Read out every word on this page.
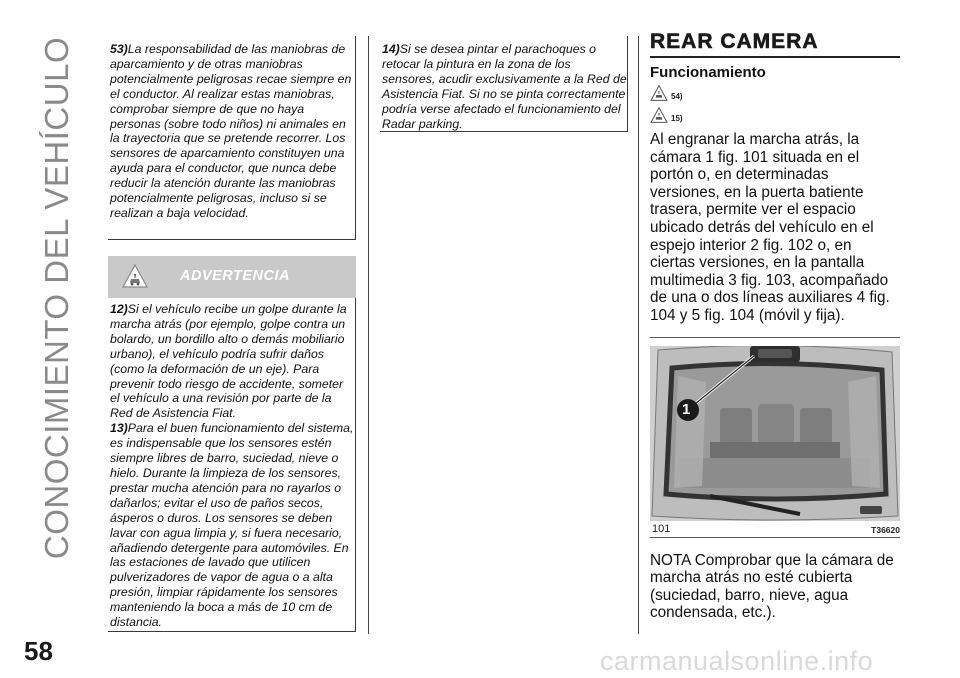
CONOCIMIENTO DEL VEHÍCULO
58

53)La responsabilidad de las maniobras de aparcamiento y de otras maniobras potencialmente peligrosas recae siempre en el conductor. Al realizar estas maniobras, comprobar siempre de que no haya personas (sobre todo niños) ni animales en la trayectoria que se pretende recorrer. Los sensores de aparcamiento constituyen una ayuda para el conductor, que nunca debe reducir la atención durante las maniobras potencialmente peligrosas, incluso si se realizan a baja velocidad.

ADVERTENCIA

12)Si el vehículo recibe un golpe durante la marcha atrás (por ejemplo, golpe contra un bolardo, un bordillo alto o demás mobiliario urbano), el vehículo podría sufrir daños (como la deformación de un eje). Para prevenir todo riesgo de accidente, someter el vehículo a una revisión por parte de la Red de Asistencia Fiat.

13)Para el buen funcionamiento del sistema, es indispensable que los sensores estén siempre libres de barro, suciedad, nieve o hielo. Durante la limpieza de los sensores, prestar mucha atención para no rayarlos o dañarlos; evitar el uso de paños secos, ásperos o duros. Los sensores se deben lavar con agua limpia y, si fuera necesario, añadiendo detergente para automóviles. En las estaciones de lavado que utilicen pulverizadores de vapor de agua o a alta presión, limpiar rápidamente los sensores manteniendo la boca a más de 10 cm de distancia.

14)Si se desea pintar el parachoques o retocar la pintura en la zona de los sensores, acudir exclusivamente a la Red de Asistencia Fiat. Si no se pinta correctamente podría verse afectado el funcionamiento del Radar parking.

REAR CAMERA
Funcionamiento
54)
15)

Al engranar la marcha atrás, la cámara 1 fig. 101 situada en el portón o, en determinadas versiones, en la puerta batiente trasera, permite ver el espacio ubicado detrás del vehículo en el espejo interior 2 fig. 102 o, en ciertas versiones, en la pantalla multimedia 3 fig. 103, acompañado de una o dos líneas auxiliares 4 fig. 104 y 5 fig. 104 (móvil y fija).

1
101	T36620

NOTA Comprobar que la cámara de marcha atrás no esté cubierta (suciedad, barro, nieve, agua condensada, etc.).

carmanualsonline.info
